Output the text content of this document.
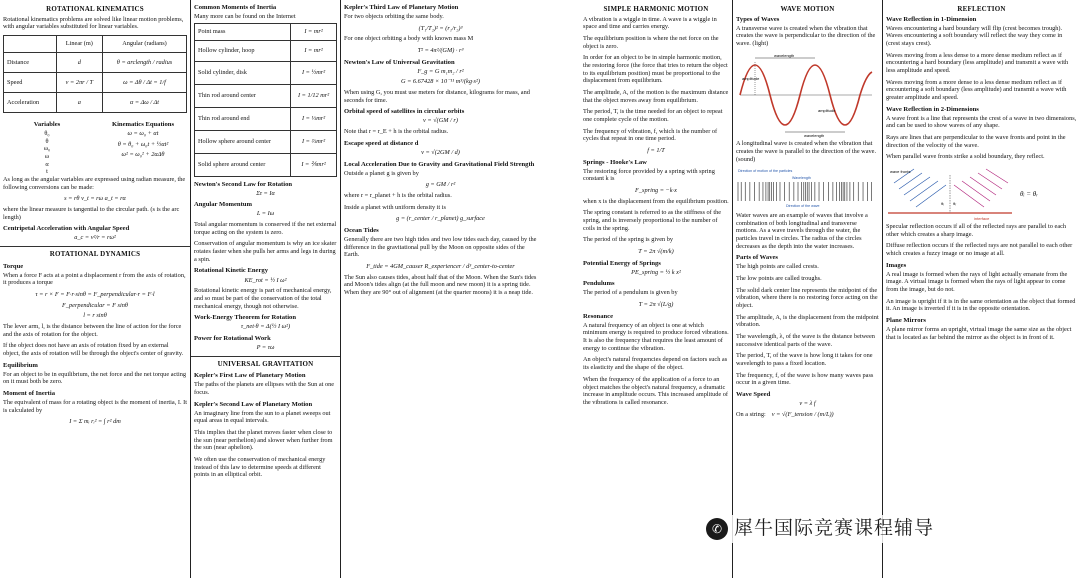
ROTATIONAL KINEMATICS

Rotational kinematics problems are solved like linear motion problems, with angular variables substituted for linear variables.

	Linear (m)	Angular (radians)
Distance	d	θ = arclength / radius
Speed	v = 2πr / T	ω = Δθ / Δt = 1/f
Acceleration	a	α = Δω / Δt
Variables
θ₀
θ
ω₀
ω
α
t
Kinematics Equations
ω = ω₀ + αt
θ = θ₀ + ω₀t + ½αt²
ω² = ω₀² + 2αΔθ

As long as the angular variables are expressed using radian measure, the following conversions can be made:

s = rθ v_t = rω a_t = rα

where the linear measure is tangential to the circular path. (s is the arc length)

Centripetal Acceleration with Angular Speed
a_c = v²/r = rω²
ROTATIONAL DYNAMICS
Torque

When a force F acts at a point a displacement r from the axis of rotation, it produces a torque

τ = r × F = F·r·sinθ = F_perpendicular·r = F·l
F_perpendicular = F sinθ
l = r sinθ

The lever arm, l, is the distance between the line of action for the force and the axis of rotation for the object.

If the object does not have an axis of rotation fixed by an external object, the axis of rotation will be through the object's center of gravity.

Equilibrium

For an object to be in equilibrium, the net force and the net torque acting on it must both be zero.

Moment of Inertia

The equivalent of mass for a rotating object is the moment of inertia, I. It is calculated by

I = Σ mᵢ rᵢ² = ∫ r² dm
Common Moments of Inertia

Many more can be found on the Internet

Point mass	I = mr²
Hollow cylinder, hoop	I = mr²
Solid cylinder, disk	I = ½mr²
Thin rod around center	I = 1/12 mr²
Thin rod around end	I = ⅓mr²
Hollow sphere around center	I = ⅔mr²
Solid sphere around center	I = ⅖mr²
Newton's Second Law for Rotation
Στ = Iα
Angular Momentum
L = Iω

Total angular momentum is conserved if the net external torque acting on the system is zero.

Conservation of angular momentum is why an ice skater rotates faster when she pulls her arms and legs in during a spin.

Rotational Kinetic Energy
KE_rot = ½ I ω²

Rotational kinetic energy is part of mechanical energy, and so must be part of the conservation of the total mechanical energy, though not otherwise.

Work-Energy Theorem for Rotation
τ_net·θ = Δ(½ I ω²)
Power for Rotational Work
P = τω
UNIVERSAL GRAVITATION
Kepler's First Law of Planetary Motion

The paths of the planets are ellipses with the Sun at one focus.

Kepler's Second Law of Planetary Motion

An imaginary line from the sun to a planet sweeps out equal areas in equal intervals.

This implies that the planet moves faster when close to the sun (near perihelion) and slower when further from the sun (near aphelion).

We often use the conservation of mechanical energy instead of this law to determine speeds at different points in an elliptical orbit.

Kepler's Third Law of Planetary Motion

For two objects orbiting the same body.

(T₁/T₂)² = (r₁/r₂)³

For one object orbiting a body with known mass M

T² = 4π²/(GM) · r³
Newton's Law of Universal Gravitation
F_g = G m₁m₂ / r²
G = 6.67428 × 10⁻¹¹ m³/(kg·s²)

When using G, you must use meters for distance, kilograms for mass, and seconds for time.

Orbital speed of satellites in circular orbits
v = √(GM / r)

Note that r = r_E + h is the orbital radius.

Escape speed at distance d
v = √(2GM / d)
Local Acceleration Due to Gravity and Gravitational Field Strength

Outside a planet g is given by

g = GM / r²

where r = r_planet + h is the orbital radius.

Inside a planet with uniform density it is

g = (r_center / r_planet) g_surface
Ocean Tides

Generally there are two high tides and two low tides each day, caused by the difference in the gravitational pull by the Moon on opposite sides of the Earth.

F_tide = 4GM_causer R_experiencer / d³_center-to-center

The Sun also causes tides, about half that of the Moon. When the Sun's tides and Moon's tides align (at the full moon and new moon) it is a spring tide. When they are 90° out of alignment (at the quarter moons) it is a neap tide.

SIMPLE HARMONIC MOTION

A vibration is a wiggle in time. A wave is a wiggle in space and time and carries energy.

The equilibrium position is where the net force on the object is zero.

In order for an object to be in simple harmonic motion, the restoring force (the force that tries to return the object to its equilibrium position) must be proportional to the displacement from equilibrium.

The amplitude, A, of the motion is the maximum distance that the object moves away from equilibrium.

The period, T, is the time needed for an object to repeat one complete cycle of the motion.

The frequency of vibration, f, which is the number of cycles that repeat in one time period.

f = 1/T
Springs - Hooke's Law

The restoring force provided by a spring with spring constant k is

F_spring = −k·x

when x is the displacement from the equilibrium position.

The spring constant is referred to as the stiffness of the spring, and is inversely proportional to the number of coils in the spring.

The period of the spring is given by

T = 2π √(m/k)
Potential Energy of Springs
PE_spring = ½ k x²
Pendulums

The period of a pendulum is given by

T = 2π √(L/g)
Resonance

A natural frequency of an object is one at which minimum energy is required to produce forced vibrations. It is also the frequency that requires the least amount of energy to continue the vibration.

An object's natural frequencies depend on factors such as its elasticity and the shape of the object.

When the frequency of the application of a force to an object matches the object's natural frequency, a dramatic increase in amplitude occurs. This increased amplitude of the vibrations is called resonance.

WAVE MOTION
Types of Waves

A transverse wave is created when the vibration that creates the wave is perpendicular to the direction of the wave. (light)

wavelength
amplitude
amplitude
wavelength

A longitudinal wave is created when the vibration that creates the wave is parallel to the direction of the wave. (sound)

Direction of motion of the particles
Wavelength
Direction of the wave

Water waves are an example of waves that involve a combination of both longitudinal and transverse motions. As a wave travels through the water, the particles travel in circles. The radius of the circles decreases as the depth into the water increases.

Parts of Waves

The high points are called crests.

The low points are called troughs.

The solid dark center line represents the midpoint of the vibration, where there is no restoring force acting on the object.

The amplitude, A, is the displacement from the midpoint vibration.

The wavelength, λ, of the wave is the distance between successive identical parts of the wave.

The period, T, of the wave is how long it takes for one wavelength to pass a fixed location.

The frequency, f, of the wave is how many waves pass occur in a given time.

Wave Speed
v = λ f
On a string: v = √(F_tension / (m/L))
REFLECTION
Wave Reflection in 1-Dimension

Waves encountering a hard boundary will flip (crest becomes trough). Waves encountering a soft boundary will reflect the way they come in (crest stays crest).

Waves moving from a less dense to a more dense medium reflect as if encountering a hard boundary (less amplitude) and transmit a wave with less amplitude and speed.

Waves moving from a more dense to a less dense medium reflect as if encountering a soft boundary (less amplitude) and transmit a wave with greater amplitude and speed.

Wave Reflection in 2-Dimensions

A wave front is a line that represents the crest of a wave in two dimensions, and can be used to show waves of any shape.

Rays are lines that are perpendicular to the wave fronts and point in the direction of the velocity of the wave.

When parallel wave fronts strike a solid boundary, they reflect.

wave fronts
θᵢ θᵣ
interface
θᵢ = θᵣ

Specular reflection occurs if all of the reflected rays are parallel to each other which creates a sharp image.

Diffuse reflection occurs if the reflected rays are not parallel to each other which creates a fuzzy image or no image at all.

Images

A real image is formed when the rays of light actually emanate from the image. A virtual image is formed when the rays of light appear to come from the image, but do not.

An image is upright if it is in the same orientation as the object that formed it. An image is inverted if it is in the opposite orientation.

Plane Mirrors

A plane mirror forms an upright, virtual image the same size as the object that is located as far behind the mirror as the object is in front of it.

✆ 犀牛国际竞赛课程辅导
